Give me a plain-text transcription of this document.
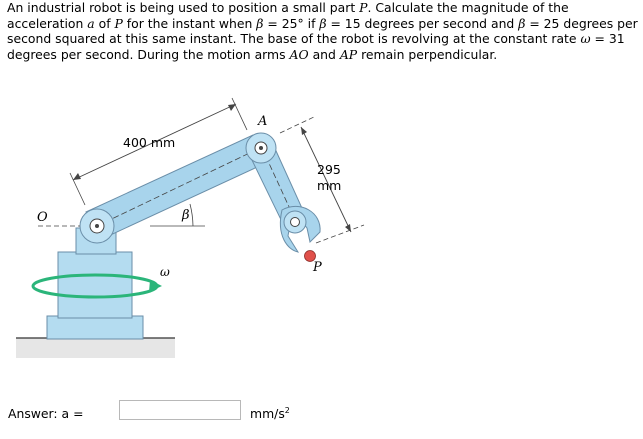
An industrial robot is being used to position a small part P. Calculate the magnitude of the acceleration a of P for the instant when β = 25° if β = 15 degrees per second and β = 25 degrees per second squared at this same instant. The base of the robot is revolving at the constant rate ω = 31 degrees per second. During the motion arms AO and AP remain perpendicular.
400 mm
295
mm
A
O
P
β
ω
Answer: a =	$mm/s^2$
